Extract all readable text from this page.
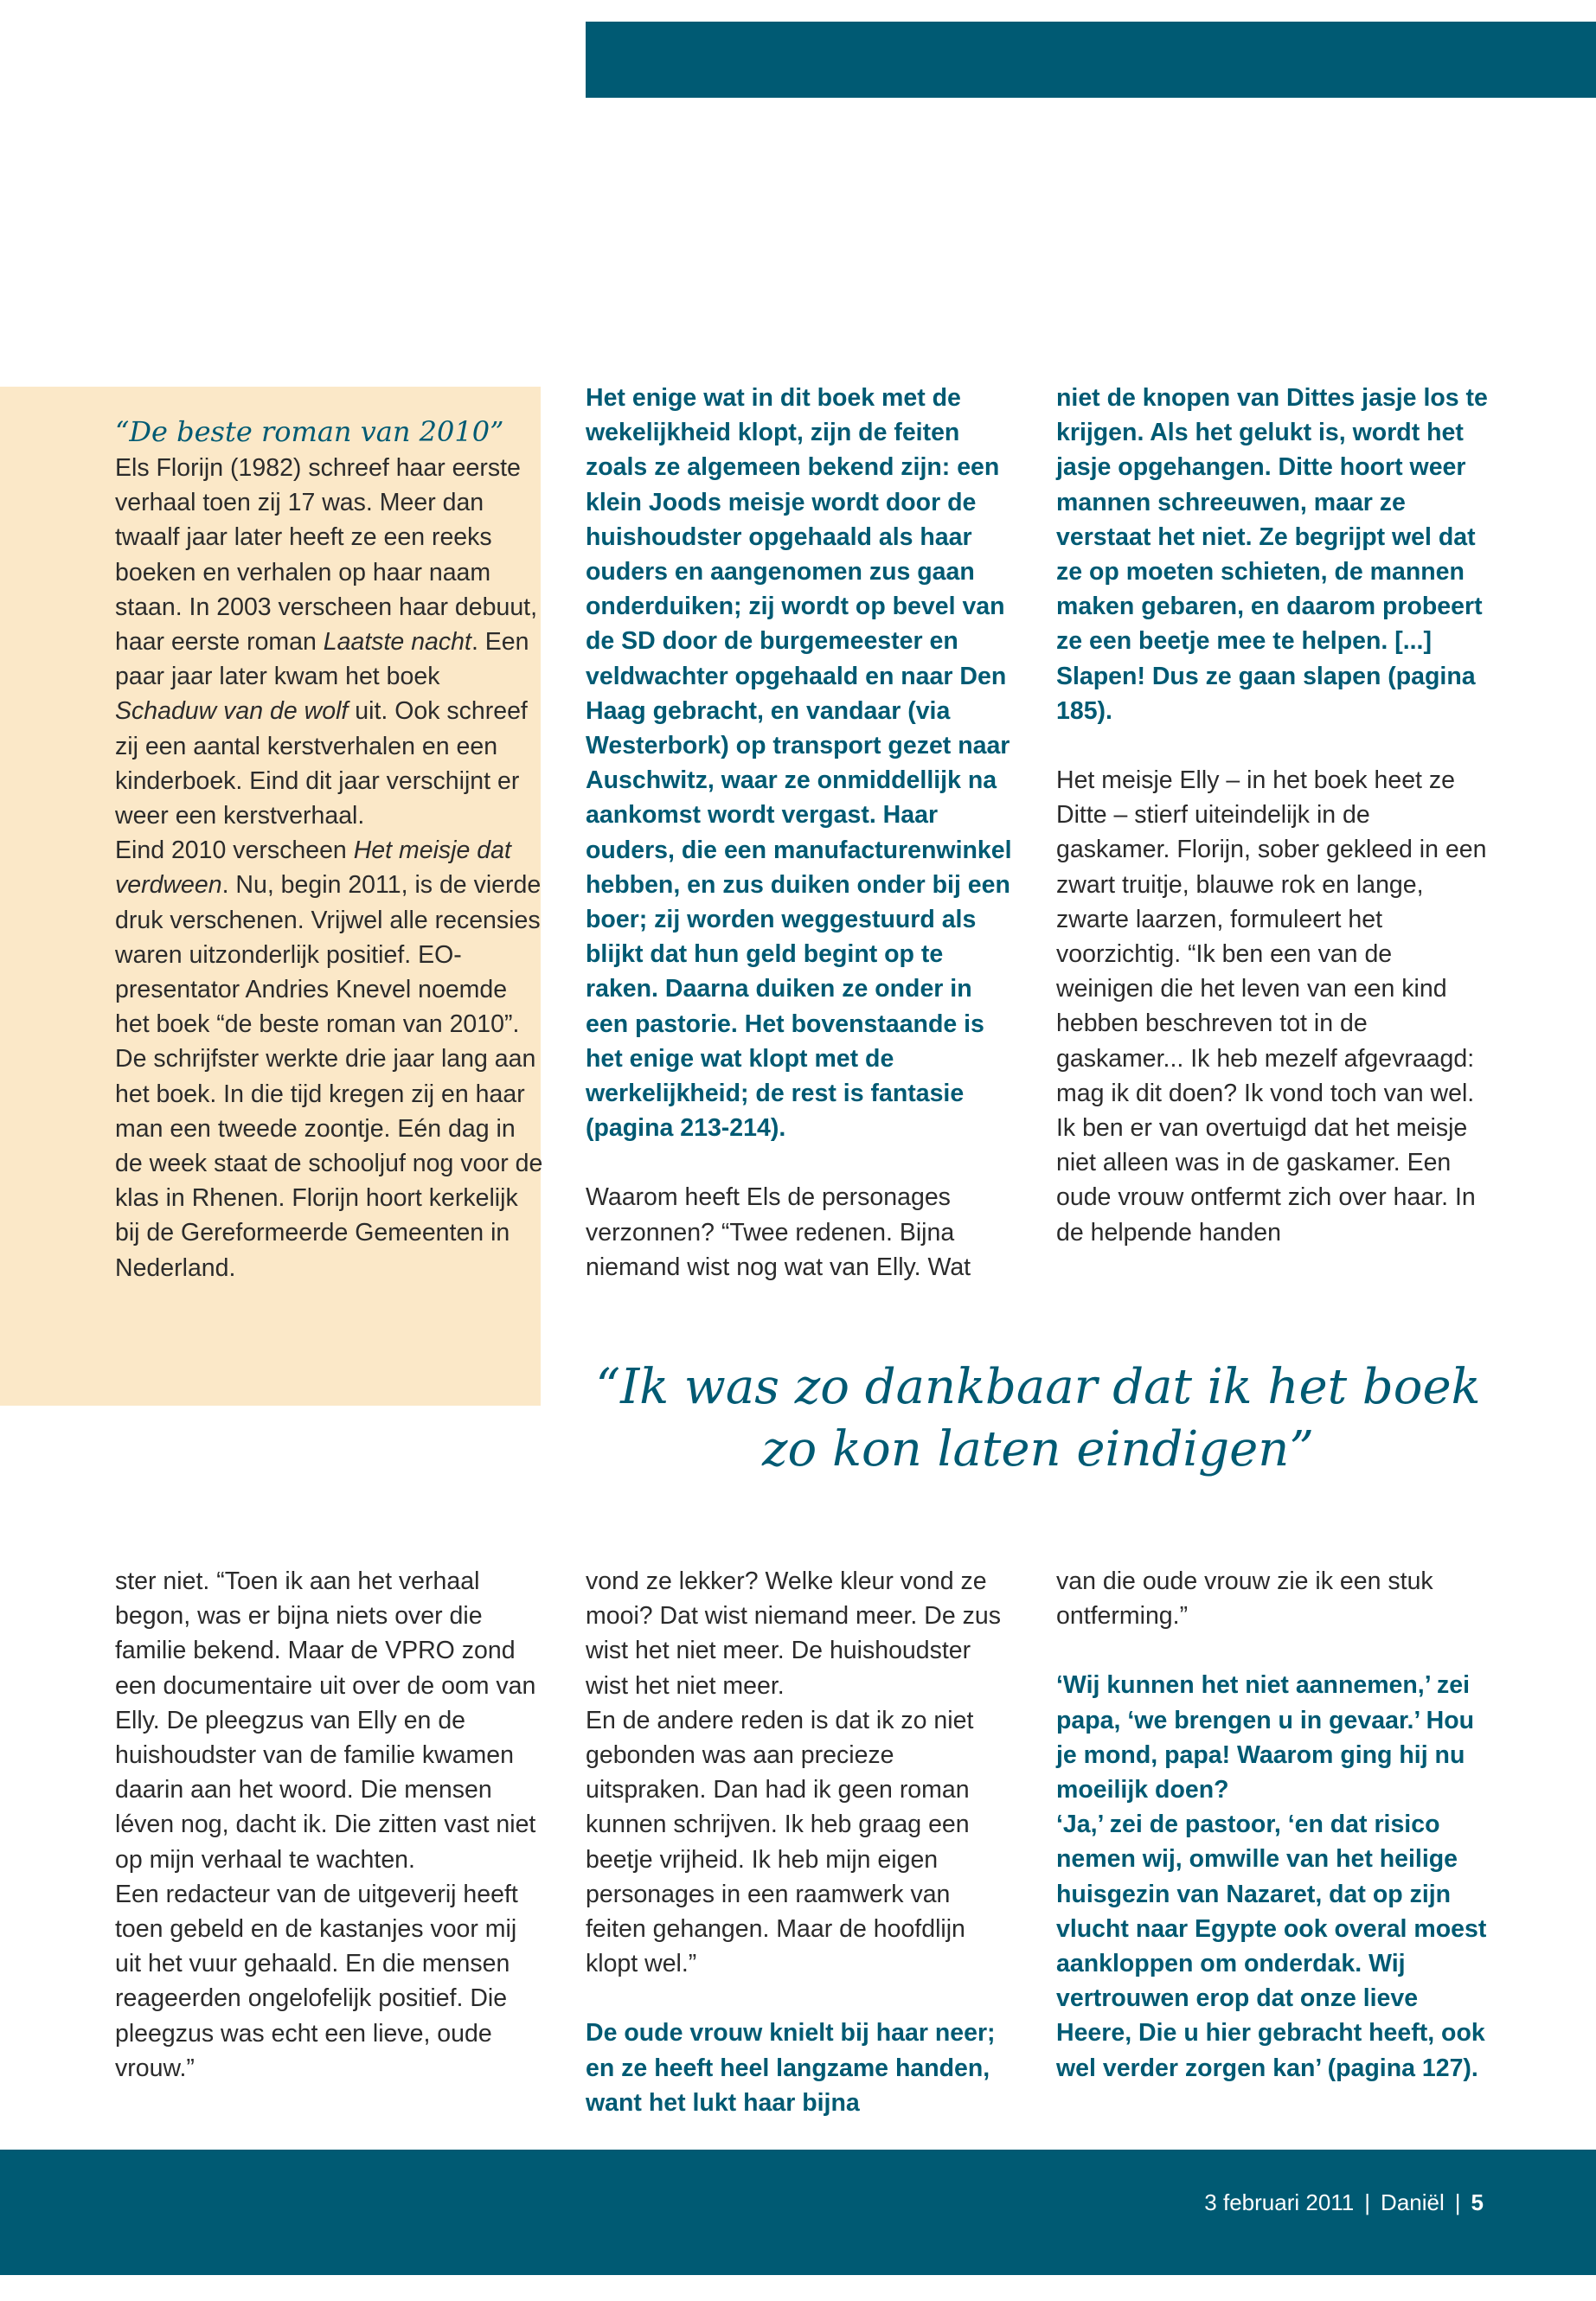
“De beste roman van 2010”

Els Florijn (1982) schreef haar eerste verhaal toen zij 17 was. Meer dan twaalf jaar later heeft ze een reeks boeken en verhalen op haar naam staan. In 2003 verscheen haar debuut, haar eerste roman Laatste nacht. Een paar jaar later kwam het boek Schaduw van de wolf uit. Ook schreef zij een aantal kerstverhalen en een kinderboek. Eind dit jaar verschijnt er weer een kerstverhaal.

Eind 2010 verscheen Het meisje dat verdween. Nu, begin 2011, is de vierde druk verschenen. Vrijwel alle recensies waren uitzonderlijk positief. EO-presentator Andries Knevel noemde het boek “de beste roman van 2010”.

De schrijfster werkte drie jaar lang aan het boek. In die tijd kregen zij en haar man een tweede zoontje. Eén dag in de week staat de schooljuf nog voor de klas in Rhenen. Florijn hoort kerkelijk bij de Gereformeerde Gemeenten in Nederland.

Het enige wat in dit boek met de wekelijkheid klopt, zijn de feiten zoals ze algemeen bekend zijn: een klein Joods meisje wordt door de huishoudster opgehaald als haar ouders en aangenomen zus gaan onderduiken; zij wordt op bevel van de SD door de burgemeester en veldwachter opgehaald en naar Den Haag gebracht, en vandaar (via Westerbork) op transport gezet naar Auschwitz, waar ze onmiddellijk na aankomst wordt vergast. Haar ouders, die een manufacturenwinkel hebben, en zus duiken onder bij een boer; zij worden weggestuurd als blijkt dat hun geld begint op te raken. Daarna duiken ze onder in een pastorie. Het bovenstaande is het enige wat klopt met de werkelijkheid; de rest is fantasie (pagina 213-214).

Waarom heeft Els de personages verzonnen? “Twee redenen. Bijna niemand wist nog wat van Elly. Wat

niet de knopen van Dittes jasje los te krijgen. Als het gelukt is, wordt het jasje opgehangen. Ditte hoort weer mannen schreeuwen, maar ze verstaat het niet. Ze begrijpt wel dat ze op moeten schieten, de mannen maken gebaren, en daarom probeert ze een beetje mee te helpen. [...] Slapen! Dus ze gaan slapen (pagina 185).

Het meisje Elly – in het boek heet ze Ditte – stierf uiteindelijk in de gaskamer. Florijn, sober gekleed in een zwart truitje, blauwe rok en lange, zwarte laarzen, formuleert het voorzichtig. “Ik ben een van de weinigen die het leven van een kind hebben beschreven tot in de gaskamer... Ik heb mezelf afgevraagd: mag ik dit doen? Ik vond toch van wel.

Ik ben er van overtuigd dat het meisje niet alleen was in de gaskamer. Een oude vrouw ontfermt zich over haar. In de helpende handen

“Ik was zo dankbaar dat ik het boek
zo kon laten eindigen”

ster niet. “Toen ik aan het verhaal begon, was er bijna niets over die familie bekend. Maar de VPRO zond een documentaire uit over de oom van Elly. De pleegzus van Elly en de huishoudster van de familie kwamen daarin aan het woord. Die mensen léven nog, dacht ik. Die zitten vast niet op mijn verhaal te wachten.

Een redacteur van de uitgeverij heeft toen gebeld en de kastanjes voor mij uit het vuur gehaald. En die mensen reageerden ongelofelijk positief. Die pleegzus was echt een lieve, oude vrouw.”

vond ze lekker? Welke kleur vond ze mooi? Dat wist niemand meer. De zus wist het niet meer. De huishoudster wist het niet meer.

En de andere reden is dat ik zo niet gebonden was aan precieze uitspraken. Dan had ik geen roman kunnen schrijven. Ik heb graag een beetje vrijheid. Ik heb mijn eigen personages in een raamwerk van feiten gehangen. Maar de hoofdlijn klopt wel.”

De oude vrouw knielt bij haar neer; en ze heeft heel langzame handen, want het lukt haar bijna

van die oude vrouw zie ik een stuk ontferming.”

‘Wij kunnen het niet aannemen,’ zei papa, ‘we brengen u in gevaar.’ Hou je mond, papa! Waarom ging hij nu moeilijk doen?

‘Ja,’ zei de pastoor, ‘en dat risico nemen wij, omwille van het heilige huisgezin van Nazaret, dat op zijn vlucht naar Egypte ook overal moest aankloppen om onderdak. Wij vertrouwen erop dat onze lieve Heere, Die u hier gebracht heeft, ook wel verder zorgen kan’ (pagina 127).

3 februari 2011 | Daniël | 5
